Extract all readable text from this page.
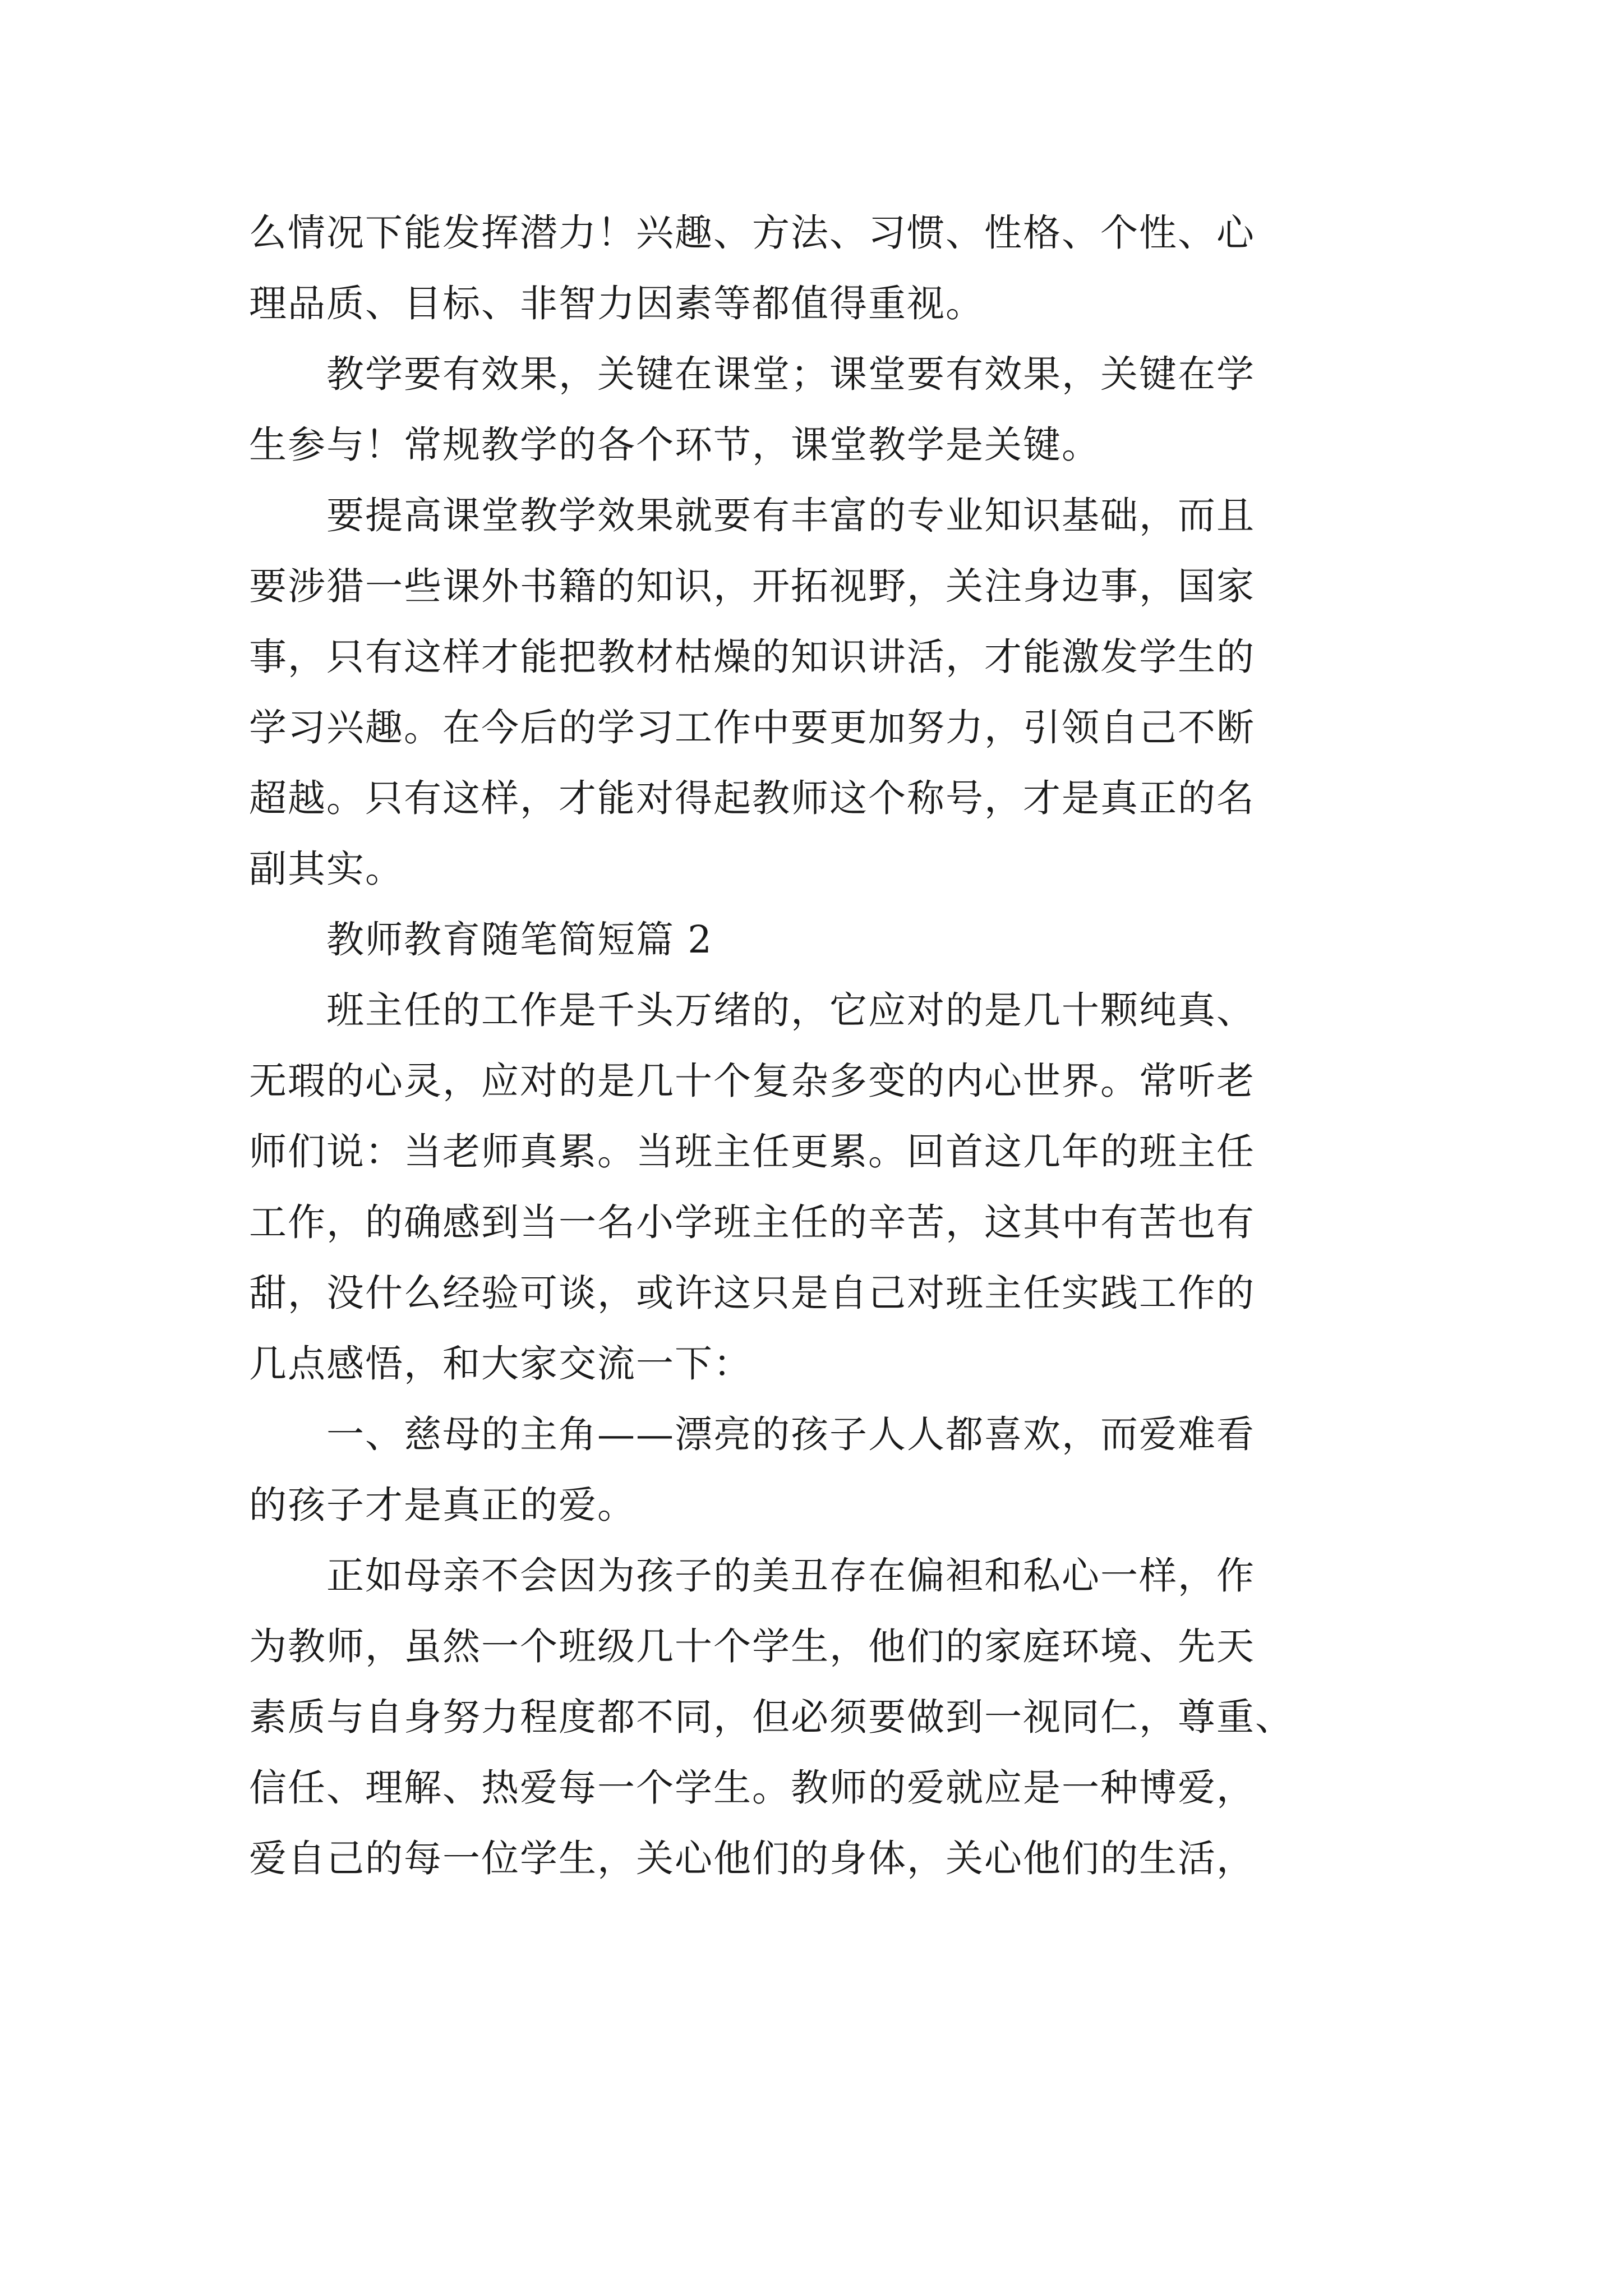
么情况下能发挥潜力！兴趣、方法、习惯、性格、个性、心
理品质、目标、非智力因素等都值得重视。
　　教学要有效果，关键在课堂；课堂要有效果，关键在学
生参与！常规教学的各个环节，课堂教学是关键。
　　要提高课堂教学效果就要有丰富的专业知识基础，而且
要涉猎一些课外书籍的知识，开拓视野，关注身边事，国家
事，只有这样才能把教材枯燥的知识讲活，才能激发学生的
学习兴趣。在今后的学习工作中要更加努力，引领自己不断
超越。只有这样，才能对得起教师这个称号，才是真正的名
副其实。
　　教师教育随笔简短篇 2
　　班主任的工作是千头万绪的，它应对的是几十颗纯真、
无瑕的心灵，应对的是几十个复杂多变的内心世界。常听老
师们说：当老师真累。当班主任更累。回首这几年的班主任
工作，的确感到当一名小学班主任的辛苦，这其中有苦也有
甜，没什么经验可谈，或许这只是自己对班主任实践工作的
几点感悟，和大家交流一下：
　　一、慈母的主角——漂亮的孩子人人都喜欢，而爱难看
的孩子才是真正的爱。
　　正如母亲不会因为孩子的美丑存在偏袒和私心一样，作
为教师，虽然一个班级几十个学生，他们的家庭环境、先天
素质与自身努力程度都不同，但必须要做到一视同仁，尊重、
信任、理解、热爱每一个学生。教师的爱就应是一种博爱，
爱自己的每一位学生，关心他们的身体，关心他们的生活，
